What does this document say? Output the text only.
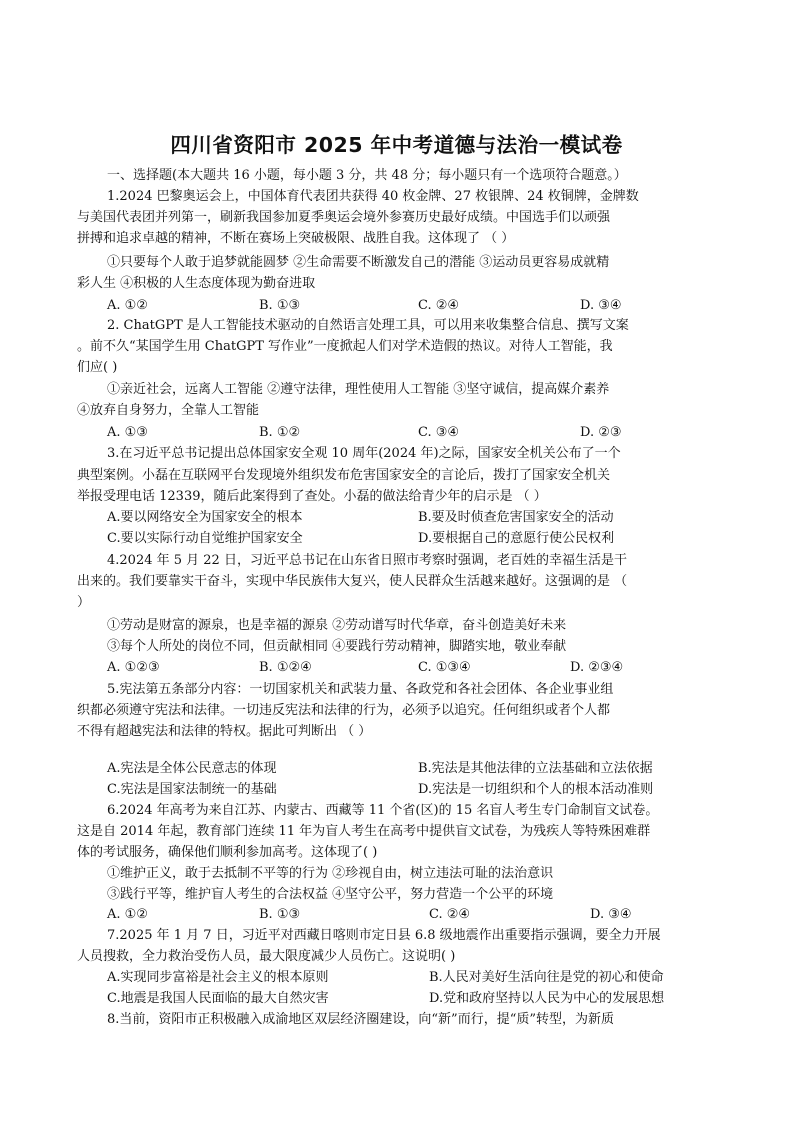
四川省资阳市 2025 年中考道德与法治一模试卷
一、选择题(本大题共 16 小题，每小题 3 分，共 48 分；每小题只有一个选项符合题意。）
1.2024 巴黎奥运会上，中国体育代表团共获得 40 枚金牌、27 枚银牌、24 枚铜牌，金牌数
与美国代表团并列第一，刷新我国参加夏季奥运会境外参赛历史最好成绩。中国选手们以顽强
拼搏和追求卓越的精神，不断在赛场上突破极限、战胜自我。这体现了 （ ）
①只要每个人敢于追梦就能圆梦 ②生命需要不断激发自己的潜能 ③运动员更容易成就精
彩人生 ④积极的人生态度体现为勤奋进取
A. ①②	B. ①③	C. ②④	D. ③④
2. ChatGPT 是人工智能技术驱动的自然语言处理工具，可以用来收集整合信息、撰写文案
。前不久“某国学生用 ChatGPT 写作业”一度掀起人们对学术造假的热议。对待人工智能，我
们应( )
①亲近社会，远离人工智能 ②遵守法律，理性使用人工智能 ③坚守诚信，提高媒介素养
④放弃自身努力，全靠人工智能
A. ①③	B. ①②	C. ③④	D. ②③
3.在习近平总书记提出总体国家安全观 10 周年(2024 年)之际，国家安全机关公布了一个
典型案例。小磊在互联网平台发现境外组织发布危害国家安全的言论后，拨打了国家安全机关
举报受理电话 12339，随后此案得到了查处。小磊的做法给青少年的启示是 （ ）
A.要以网络安全为国家安全的根本	B.要及时侦查危害国家安全的活动
C.要以实际行动自觉维护国家安全	D.要根据自己的意愿行使公民权利
4.2024 年 5 月 22 日，习近平总书记在山东省日照市考察时强调，老百姓的幸福生活是干
出来的。我们要靠实干奋斗，实现中华民族伟大复兴，使人民群众生活越来越好。这强调的是 （
）
①劳动是财富的源泉，也是幸福的源泉 ②劳动谱写时代华章，奋斗创造美好未来
③每个人所处的岗位不同，但贡献相同 ④要践行劳动精神，脚踏实地，敬业奉献
A. ①②③	B. ①②④	C. ①③④	D. ②③④
5.宪法第五条部分内容：一切国家机关和武装力量、各政党和各社会团体、各企业事业组
织都必须遵守宪法和法律。一切违反宪法和法律的行为，必须予以追究。任何组织或者个人都
不得有超越宪法和法律的特权。据此可判断出 （ ）
A.宪法是全体公民意志的体现	B.宪法是其他法律的立法基础和立法依据
C.宪法是国家法制统一的基础	D.宪法是一切组织和个人的根本活动准则
6.2024 年高考为来自江苏、内蒙古、西藏等 11 个省(区)的 15 名盲人考生专门命制盲文试卷。
这是自 2014 年起，教育部门连续 11 年为盲人考生在高考中提供盲文试卷，为残疾人等特殊困难群
体的考试服务，确保他们顺利参加高考。这体现了( )
①维护正义，敢于去抵制不平等的行为 ②珍视自由，树立违法可耻的法治意识
③践行平等，维护盲人考生的合法权益 ④坚守公平，努力营造一个公平的环境
A. ①②	B. ①③	C. ②④	D. ③④
7.2025 年 1 月 7 日，习近平对西藏日喀则市定日县 6.8 级地震作出重要指示强调，要全力开展
人员搜救，全力救治受伤人员，最大限度减少人员伤亡。这说明( )
A.实现同步富裕是社会主义的根本原则	B.人民对美好生活向往是党的初心和使命
C.地震是我国人民面临的最大自然灾害	D.党和政府坚持以人民为中心的发展思想
8.当前，资阳市正积极融入成渝地区双层经济圈建设，向“新”而行，提“质”转型，为新质
